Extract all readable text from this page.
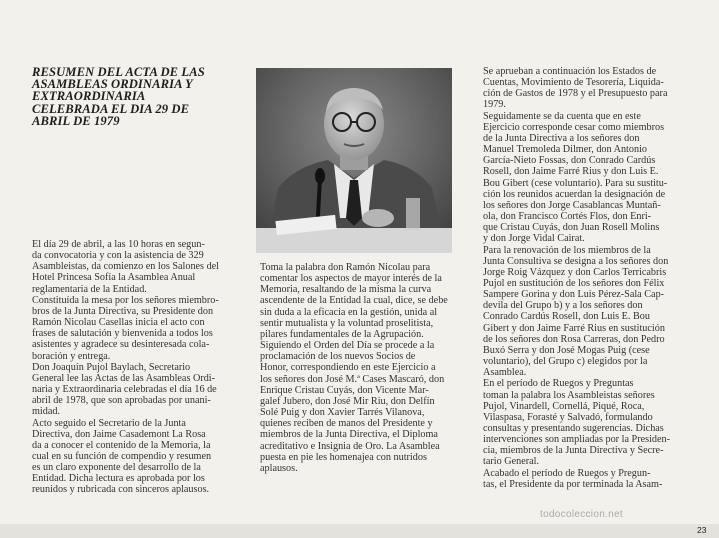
RESUMEN DEL ACTA DE LAS
ASAMBLEAS ORDINARIA Y
EXTRAORDINARIA
CELEBRADA EL DIA 29 DE
ABRIL DE 1979
El día 29 de abril, a las 10 horas en segun-
da convocatoria y con la asistencia de 329
Asambleistas, da comienzo en los Salones del
Hotel Princesa Sofía la Asamblea Anual
reglamentaria de la Entidad.
Constituída la mesa por los señores miembro-
bros de la Junta Directiva, su Presidente don
Ramón Nicolau Casellas inicia el acto con
frases de salutación y bienvenida a todos los
asistentes y agradece su desinteresada cola-
boración y entrega.
Don Joaquín Pujol Baylach, Secretario
General lee las Actas de las Asambleas Ordi-
naria y Extraordinaria celebradas el día 16 de
abril de 1978, que son aprobadas por unani-
midad.
Acto seguido el Secretario de la Junta
Directiva, don Jaime Casademont La Rosa
da a conocer el contenido de la Memoria, la
cual en su función de compendio y resumen
es un claro exponente del desarrollo de la
Entidad. Dicha lectura es aprobada por los
reunidos y rubricada con sinceros aplausos.
Toma la palabra don Ramón Nicolau para
comentar los aspectos de mayor interés de la
Memoria, resaltando de la misma la curva
ascendente de la Entidad la cual, dice, se debe
sin duda a la eficacia en la gestión, unida al
sentir mutualista y la voluntad proselitista,
pilares fundamentales de la Agrupación.
Siguiendo el Orden del Día se procede a la
proclamación de los nuevos Socios de
Honor, correspondiendo en este Ejercicio a
los señores don José M.ª Cases Mascaró, don
Enrique Cristau Cuyás, don Vicente Mar-
galef Jubero, don José Mir Riu, don Delfín
Solé Puig y don Xavier Tarrés Vilanova,
quienes reciben de manos del Presidente y
miembros de la Junta Directiva, el Diploma
acreditativo e Insignia de Oro. La Asamblea
puesta en pie les homenajea con nutridos
aplausos.
Se aprueban a continuación los Estados de
Cuentas, Movimiento de Tesorería, Liquida-
ción de Gastos de 1978 y el Presupuesto para
1979.
Seguidamente se da cuenta que en este
Ejercicio corresponde cesar como miembros
de la Junta Directiva a los señores don
Manuel Tremoleda Dilmer, don Antonio
García-Nieto Fossas, don Conrado Cardús
Rosell, don Jaime Farré Rius y don Luis E.
Bou Gibert (cese voluntario). Para su sustitu-
ción los reunidos acuerdan la designación de
los señores don Jorge Casablancas Muntañ-
ola, don Francisco Cortés Flos, don Enri-
que Cristau Cuyás, don Juan Rosell Molins
y don Jorge Vidal Cairat.
Para la renovación de los miembros de la
Junta Consultiva se designa a los señores don
Jorge Roig Vázquez y don Carlos Terricabris
Pujol en sustitución de los señores don Félix
Sampere Gorina y don Luis Pérez-Sala Cap-
devila del Grupo b) y a los señores don
Conrado Cardús Rosell, don Luis E. Bou
Gibert y don Jaime Farré Rius en sustitución
de los señores don Rosa Carreras, don Pedro
Buxó Serra y don José Mogas Puig (cese
voluntario), del Grupo c) elegidos por la
Asamblea.
En el período de Ruegos y Preguntas
toman la palabra los Asambleistas señores
Pujol, Vinardell, Cornellá, Piqué, Roca,
Vilaspasa, Forasté y Salvadó, formulando
consultas y presentando sugerencias. Dichas
intervenciones son ampliadas por la Presiden-
cia, miembros de la Junta Directiva y Secre-
tario General.
Acabado el período de Ruegos y Pregun-
tas, el Presidente da por terminada la Asam-
todocoleccion.net
23
